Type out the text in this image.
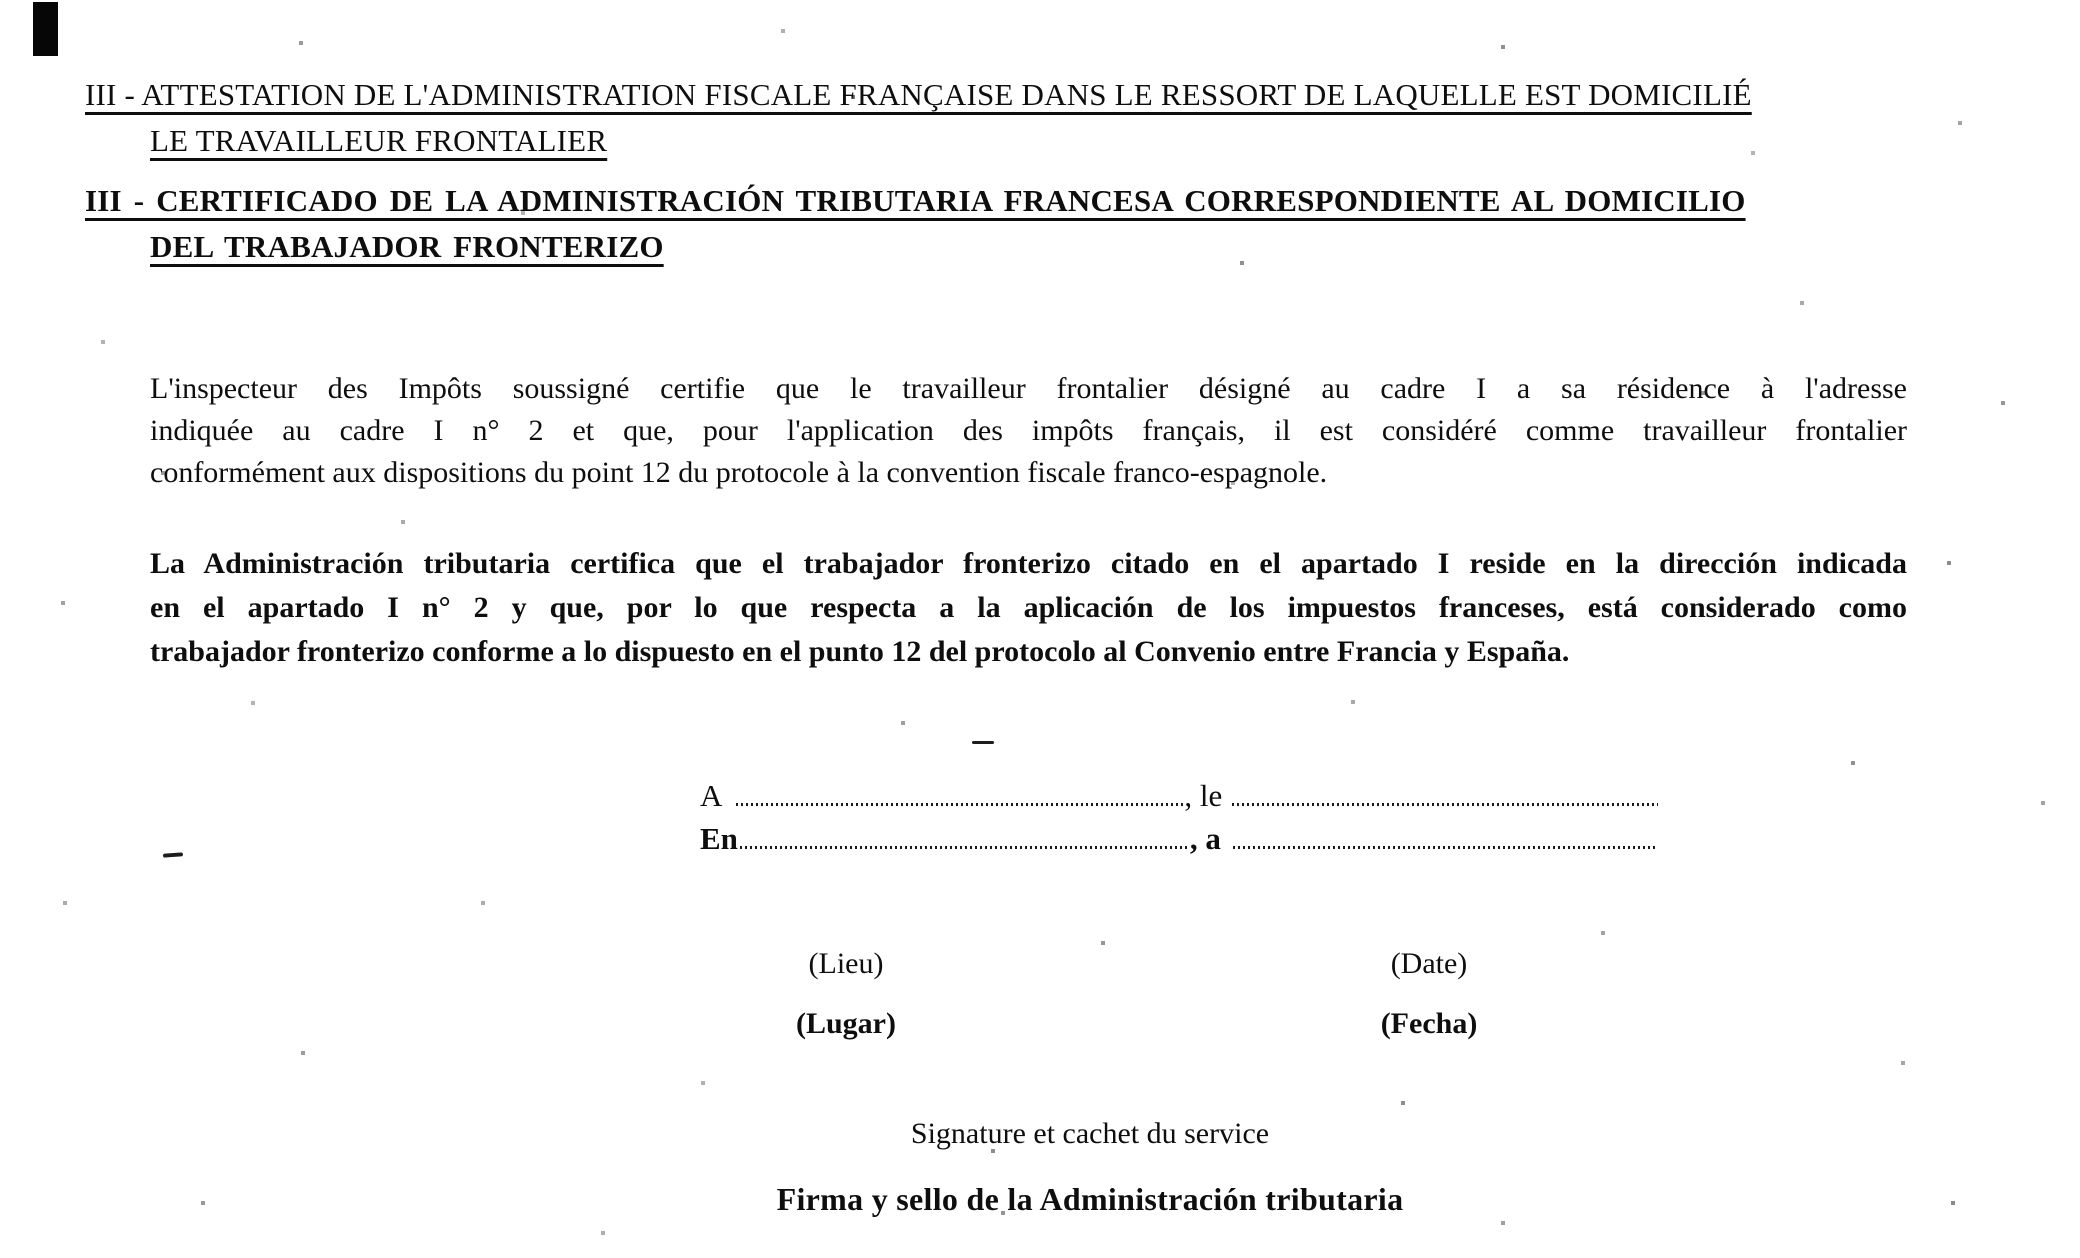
III - ATTESTATION DE L'ADMINISTRATION FISCALE FRANÇAISE DANS LE RESSORT DE LAQUELLE EST DOMICILIÉ
LE TRAVAILLEUR FRONTALIER
III - CERTIFICADO DE LA ADMINISTRACIÓN TRIBUTARIA FRANCESA CORRESPONDIENTE AL DOMICILIO
DEL TRABAJADOR FRONTERIZO
L'inspecteur des Impôts soussigné certifie que le travailleur frontalier désigné au cadre I a sa résidence à l'adresse
indiquée au cadre I n° 2 et que, pour l'application des impôts français, il est considéré comme travailleur frontalier
conformément aux dispositions du point 12 du protocole à la convention fiscale franco-espagnole.
La Administración tributaria certifica que el trabajador fronterizo citado en el apartado I reside en la dirección indicada
en el apartado I n° 2 y que, por lo que respecta a la aplicación de los impuestos franceses, está considerado como
trabajador fronterizo conforme a lo dispuesto en el punto 12 del protocolo al Convenio entre Francia y España.
A	, le
En	, a
(Lieu)
(Lugar)
(Date)
(Fecha)
Signature et cachet du service
Firma y sello de la Administración tributaria
